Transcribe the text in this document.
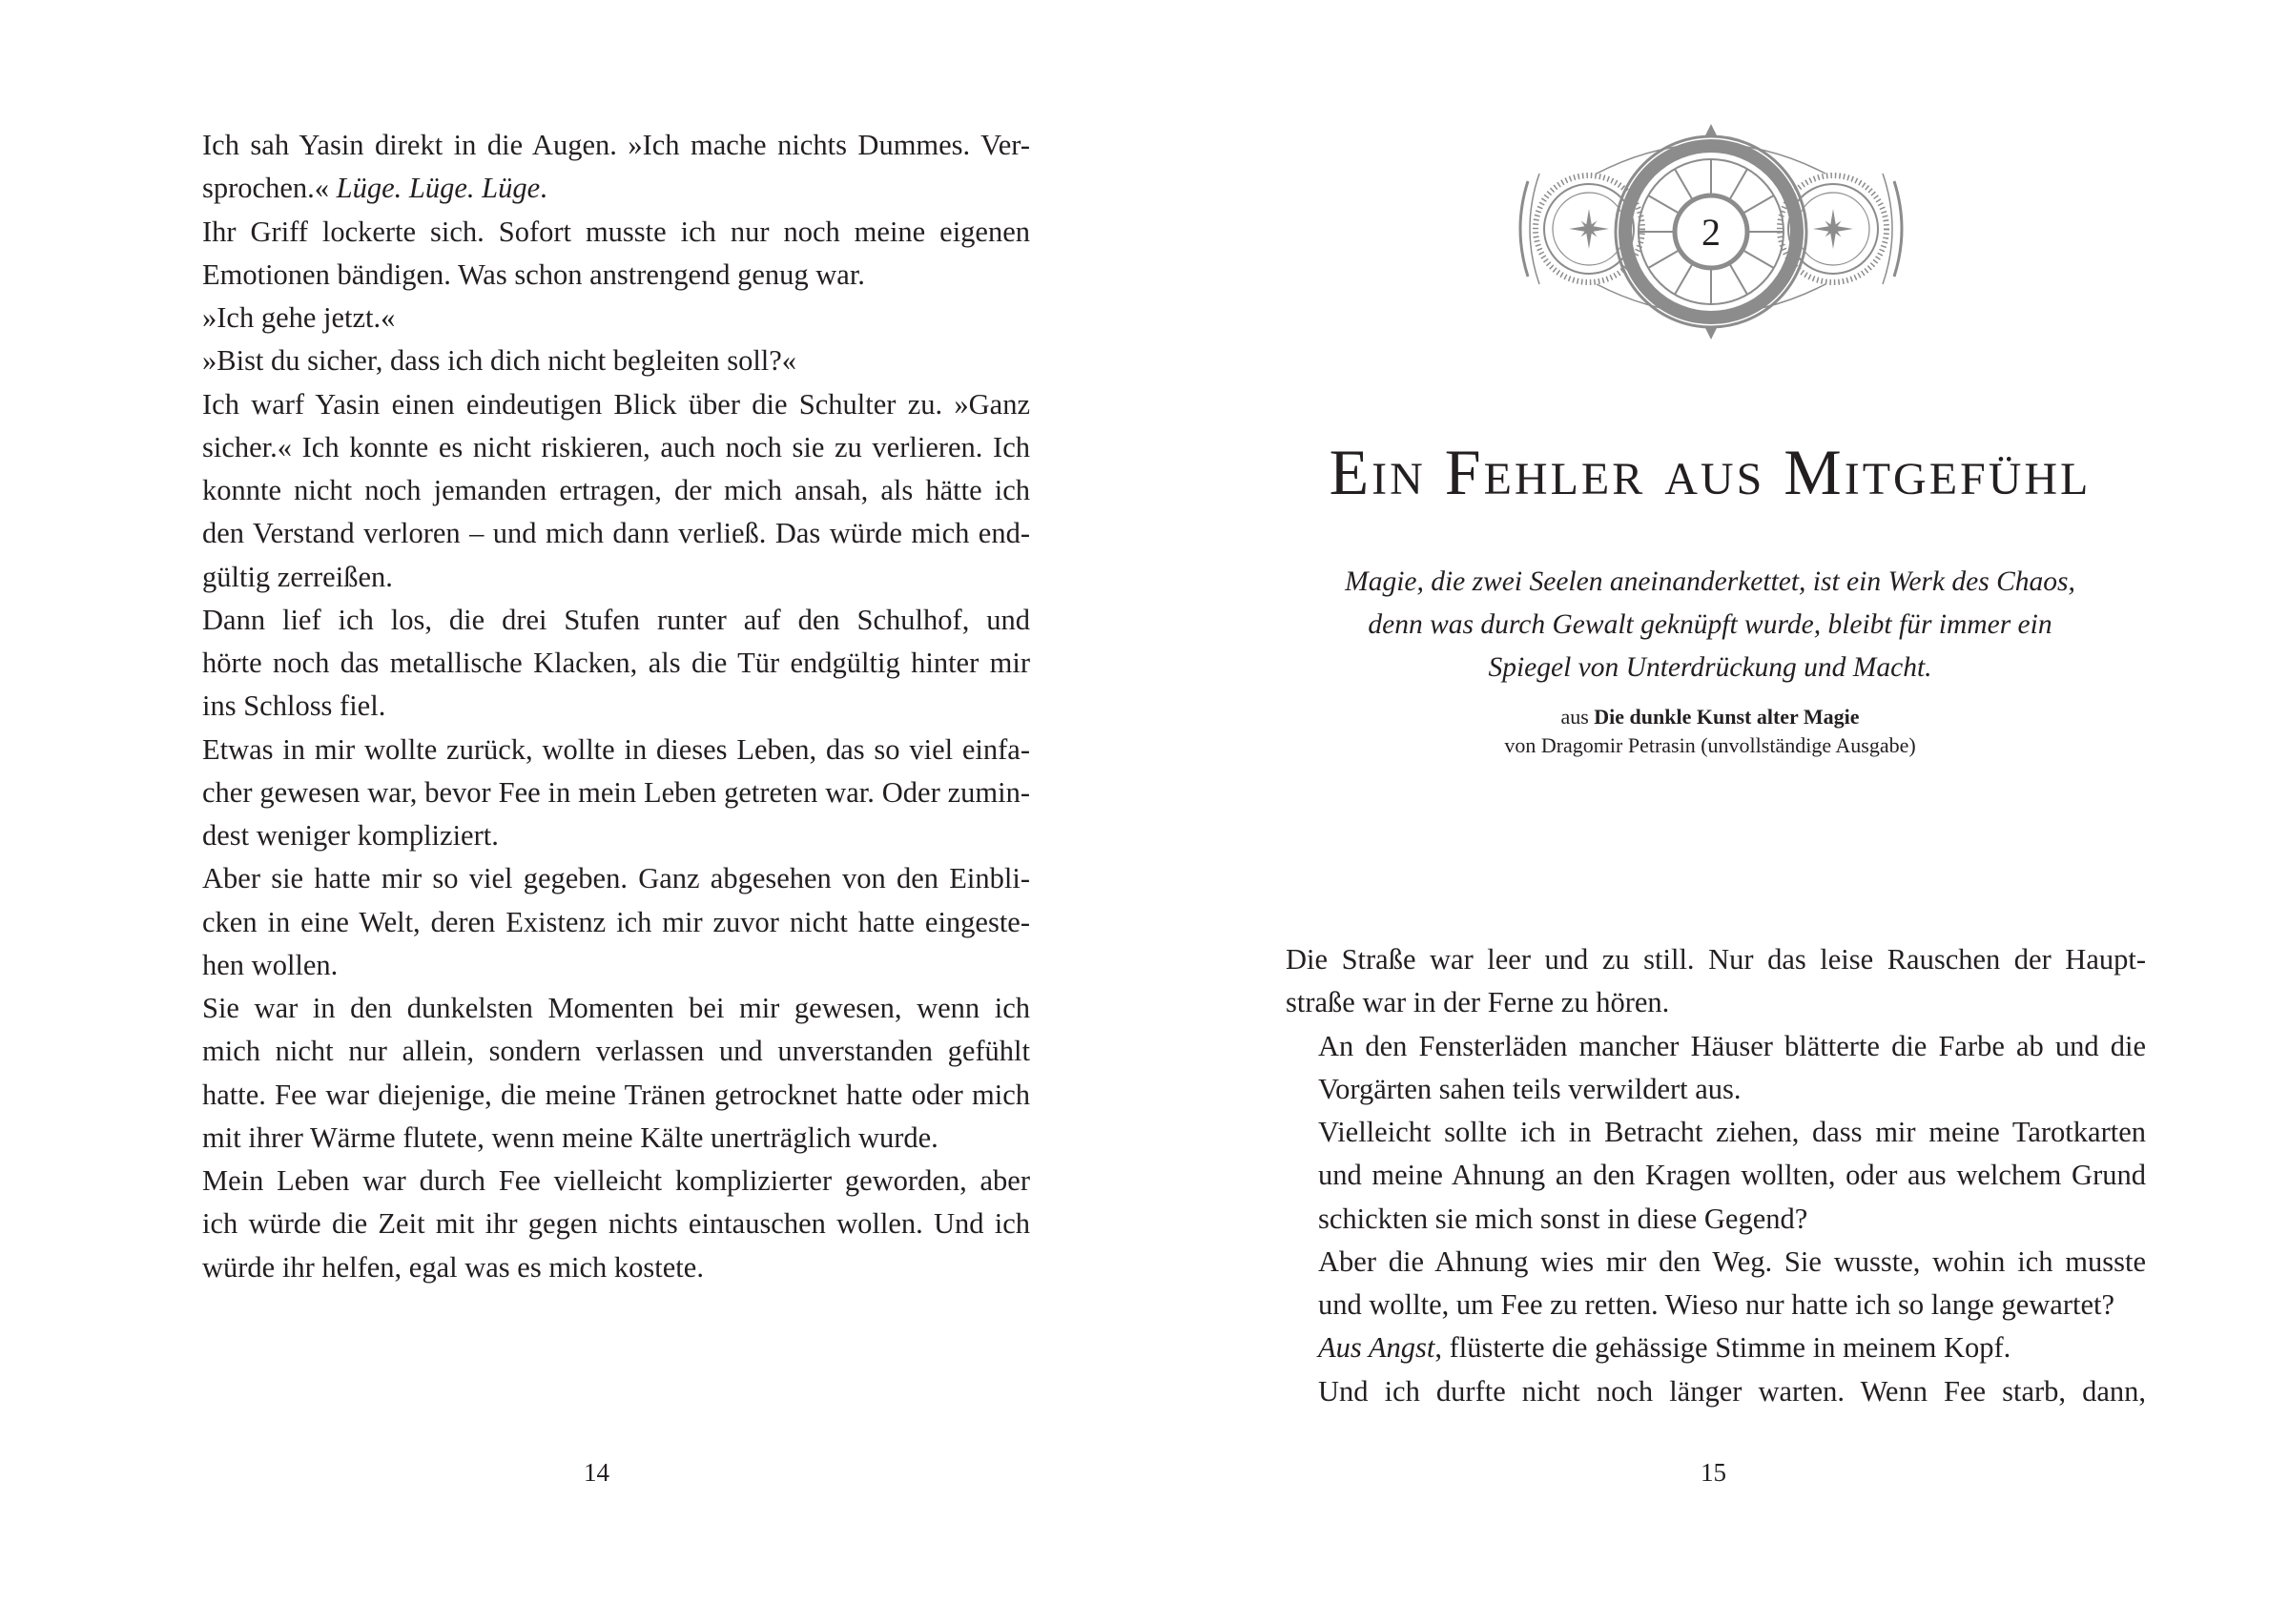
Ich sah Yasin direkt in die Augen. »Ich mache nichts Dummes. Ver-
sprochen.« Lüge. Lüge. Lüge.
Ihr Griff lockerte sich. Sofort musste ich nur noch meine eigenen
Emotionen bändigen. Was schon anstrengend genug war.
»Ich gehe jetzt.«
»Bist du sicher, dass ich dich nicht begleiten soll?«
Ich warf Yasin einen eindeutigen Blick über die Schulter zu. »Ganz
sicher.« Ich konnte es nicht riskieren, auch noch sie zu verlieren. Ich
konnte nicht noch jemanden ertragen, der mich ansah, als hätte ich
den Verstand verloren – und mich dann verließ. Das würde mich end-
gültig zerreißen.
Dann lief ich los, die drei Stufen runter auf den Schulhof, und
hörte noch das metallische Klacken, als die Tür endgültig hinter mir
ins Schloss fiel.
Etwas in mir wollte zurück, wollte in dieses Leben, das so viel einfa-
cher gewesen war, bevor Fee in mein Leben getreten war. Oder zumin-
dest weniger kompliziert.
Aber sie hatte mir so viel gegeben. Ganz abgesehen von den Einbli-
cken in eine Welt, deren Existenz ich mir zuvor nicht hatte eingeste-
hen wollen.
Sie war in den dunkelsten Momenten bei mir gewesen, wenn ich
mich nicht nur allein, sondern verlassen und unverstanden gefühlt
hatte. Fee war diejenige, die meine Tränen getrocknet hatte oder mich
mit ihrer Wärme flutete, wenn meine Kälte unerträglich wurde.
Mein Leben war durch Fee vielleicht komplizierter geworden, aber
ich würde die Zeit mit ihr gegen nichts eintauschen wollen. Und ich
würde ihr helfen, egal was es mich kostete.
14
2
Ein Fehler aus Mitgefühl
Magie, die zwei Seelen aneinanderkettet, ist ein Werk des Chaos,
denn was durch Gewalt geknüpft wurde, bleibt für immer ein
Spiegel von Unterdrückung und Macht.
aus Die dunkle Kunst alter Magie
von Dragomir Petrasin (unvollständige Ausgabe)
Die Straße war leer und zu still. Nur das leise Rauschen der Haupt-
straße war in der Ferne zu hören.
An den Fensterläden mancher Häuser blätterte die Farbe ab und die
Vorgärten sahen teils verwildert aus.
Vielleicht sollte ich in Betracht ziehen, dass mir meine Tarotkarten
und meine Ahnung an den Kragen wollten, oder aus welchem Grund
schickten sie mich sonst in diese Gegend?
Aber die Ahnung wies mir den Weg. Sie wusste, wohin ich musste
und wollte, um Fee zu retten. Wieso nur hatte ich so lange gewartet?
Aus Angst, flüsterte die gehässige Stimme in meinem Kopf.
Und ich durfte nicht noch länger warten. Wenn Fee starb, dann,
15
